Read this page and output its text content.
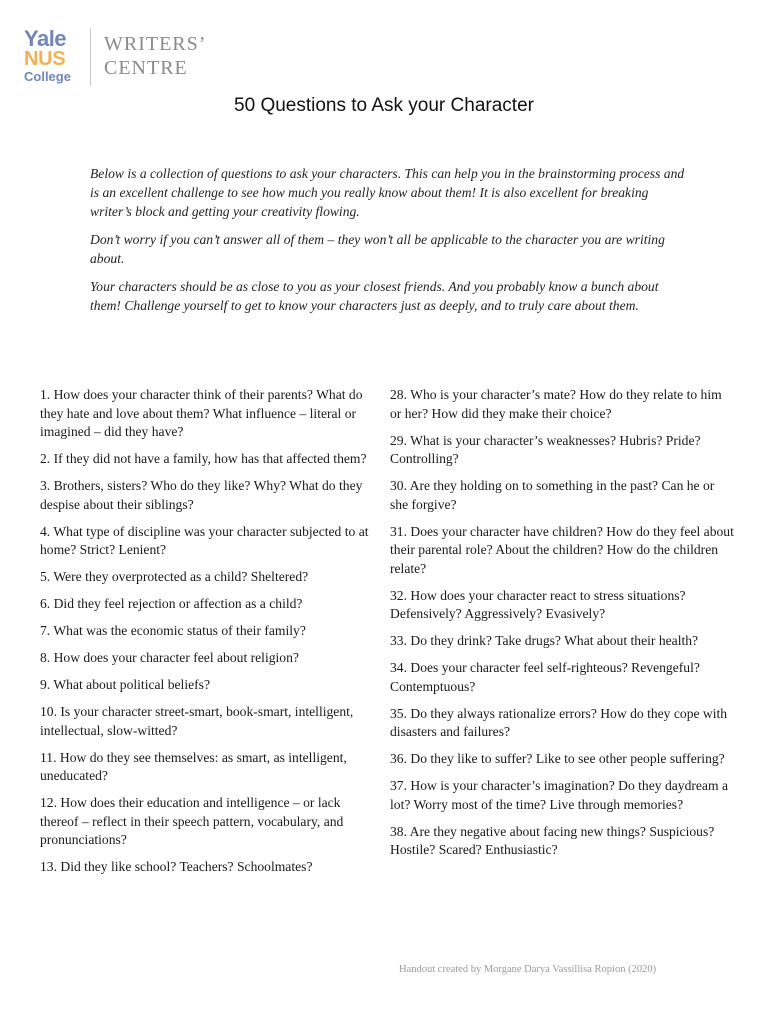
Yale
NUS
College
WRITERS’
CENTRE
50 Questions to Ask your Character

Below is a collection of questions to ask your characters. This can help you in the brainstorming process and is an excellent challenge to see how much you really know about them! It is also excellent for breaking writer’s block and getting your creativity flowing.

Don’t worry if you can’t answer all of them – they won’t all be applicable to the character you are writing about.

Your characters should be as close to you as your closest friends. And you probably know a bunch about them! Challenge yourself to get to know your characters just as deeply, and to truly care about them.

1. How does your character think of their parents? What do they hate and love about them? What influence – literal or imagined – did they have?
2. If they did not have a family, how has that affected them?
3. Brothers, sisters? Who do they like? Why? What do they despise about their siblings?
4. What type of discipline was your character subjected to at home? Strict? Lenient?
5. Were they overprotected as a child? Sheltered?
6. Did they feel rejection or affection as a child?
7. What was the economic status of their family?
8. How does your character feel about religion?
9. What about political beliefs?
10. Is your character street-smart, book-smart, intelligent, intellectual, slow-witted?
11. How do they see themselves: as smart, as intelligent, uneducated?
12. How does their education and intelligence – or lack thereof – reflect in their speech pattern, vocabulary, and pronunciations?
13. Did they like school? Teachers? Schoolmates?
28. Who is your character’s mate? How do they relate to him or her? How did they make their choice?
29. What is your character’s weaknesses? Hubris? Pride? Controlling?
30. Are they holding on to something in the past? Can he or she forgive?
31. Does your character have children? How do they feel about their parental role? About the children? How do the children relate?
32. How does your character react to stress situations? Defensively? Aggressively? Evasively?
33. Do they drink? Take drugs? What about their health?
34. Does your character feel self-righteous? Revengeful? Contemptuous?
35. Do they always rationalize errors? How do they cope with disasters and failures?
36. Do they like to suffer? Like to see other people suffering?
37. How is your character’s imagination? Do they daydream a lot? Worry most of the time? Live through memories?
38. Are they negative about facing new things? Suspicious? Hostile? Scared? Enthusiastic?
Handout created by Morgane Darya Vassillisa Ropion (2020)
